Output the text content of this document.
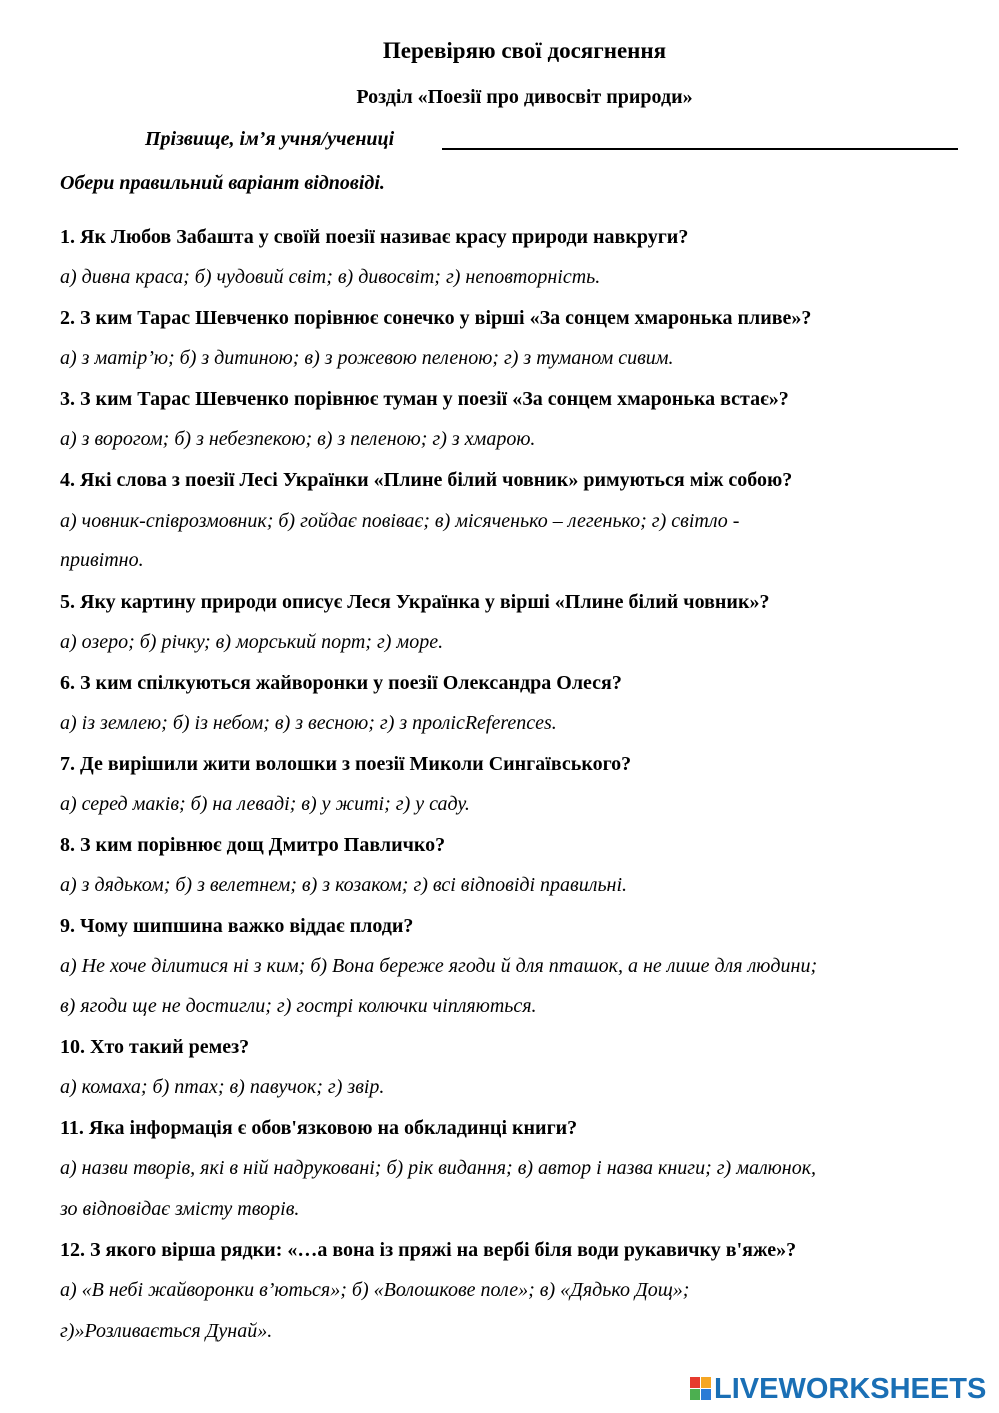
Перевіряю свої досягнення
Розділ «Поезії про дивосвіт природи»
Прізвище, ім’я учня/учениці
Обери правильний варіант відповіді.
1. Як Любов Забашта у своїй поезії називає красу природи навкруги?
а) дивна краса; б) чудовий світ; в) дивосвіт; г) неповторність.
2. З ким Тарас Шевченко порівнює сонечко у вірші «За сонцем хмаронька пливе»?
а) з матір’ю; б) з дитиною; в) з рожевою пеленою; г) з туманом сивим.
3. З ким Тарас Шевченко порівнює туман у поезії «За сонцем хмаронька встає»?
а) з ворогом; б) з небезпекою; в) з пеленою; г) з хмарою.
4. Які слова з поезії Лесі Українки «Плине білий човник» римуються між собою?
а) човник-співрозмовник; б) гойдає повіває; в) місяченько – легенько; г) світло -
привітно.
5. Яку картину природи описує Леся Українка у вірші «Плине білий човник»?
а) озеро; б) річку; в) морський порт; г) море.
6. З ким спілкуються жайворонки у поезії Олександра Олеся?
а) із землею; б) із небом; в) з весною; г) з пролісReferences.
7. Де вирішили жити волошки з поезії Миколи Сингаївського?
а) серед маків; б) на леваді; в) у житі; г) у саду.
8. З ким порівнює дощ Дмитро Павличко?
а) з дядьком; б) з велетнем; в) з козаком; г) всі відповіді правильні.
9. Чому шипшина важко віддає плоди?
а) Не хоче ділитися ні з ким; б) Вона береже ягоди й для пташок, а не лише для людини;
в) ягоди ще не достигли; г) гострі колючки чіпляються.
10. Хто такий ремез?
а) комаха; б) птах; в) павучок; г) звір.
11. Яка інформація є обов'язковою на обкладинці книги?
а) назви творів, які в ній надруковані; б) рік видання; в) автор і назва книги; г) малюнок,
зо відповідає змісту творів.
12. З якого вірша рядки: «…а вона із пряжі на вербі біля води рукавичку в'яже»?
а) «В небі жайворонки в’ються»; б) «Волошкове поле»; в) «Дядько Дощ»;
г)»Розливається Дунай».
LIVEWORKSHEETS
